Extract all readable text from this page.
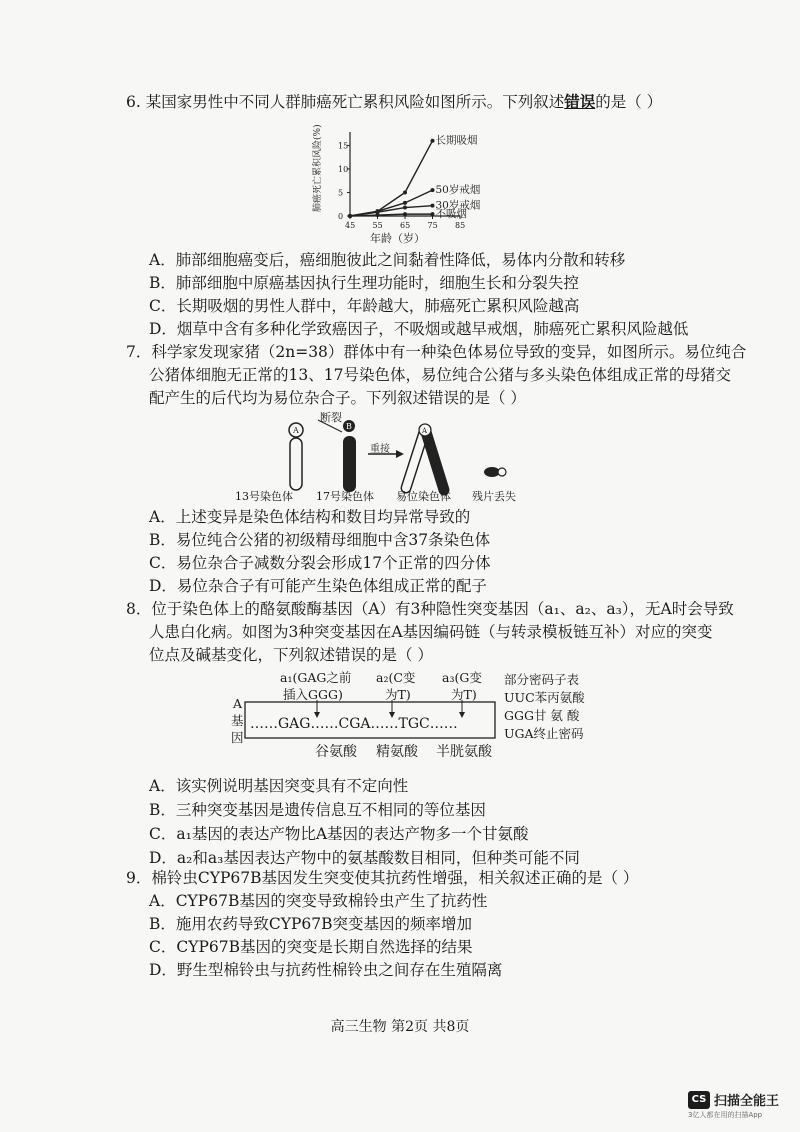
6. 某国家男性中不同人群肺癌死亡累积风险如图所示。下列叙述错误的是（ ）
45 55 65 75 85
0
5
10
15
肺癌死亡累积风险(%)
年龄（岁）
长期吸烟
50岁戒烟
30岁戒烟
不吸烟
A．肺部细胞癌变后，癌细胞彼此之间黏着性降低，易体内分散和转移
B．肺部细胞中原癌基因执行生理功能时，细胞生长和分裂失控
C．长期吸烟的男性人群中，年龄越大，肺癌死亡累积风险越高
D．烟草中含有多种化学致癌因子，不吸烟或越早戒烟，肺癌死亡累积风险越低
7．科学家发现家猪（2n=38）群体中有一种染色体易位导致的变异，如图所示。易位纯合
公猪体细胞无正常的13、17号染色体，易位纯合公猪与多头染色体组成正常的母猪交
配产生的后代均为易位杂合子。下列叙述错误的是（ ）
A	B	A
断裂
重接
13号染色体 17号染色体 易位染色体 残片丢失
A．上述变异是染色体结构和数目均异常导致的
B．易位纯合公猪的初级精母细胞中含37条染色体
C．易位杂合子减数分裂会形成17个正常的四分体
D．易位杂合子有可能产生染色体组成正常的配子
8．位于染色体上的酪氨酸酶基因（A）有3种隐性突变基因（a₁、a₂、a₃），无A时会导致
人患白化病。如图为3种突变基因在A基因编码链（与转录模板链互补）对应的突变
位点及碱基变化，下列叙述错误的是（ ）
a₁(GAG之前
插入GGG)
a₂(C变
为T)
a₃(G变
为T)
部分密码子表
UUC苯丙氨酸
GGG甘 氨 酸
UGA终止密码
A
基
因
……GAG……CGA……TGC……
谷氨酸 精氨酸 半胱氨酸
A．该实例说明基因突变具有不定向性
B．三种突变基因是遗传信息互不相同的等位基因
C．a₁基因的表达产物比A基因的表达产物多一个甘氨酸
D．a₂和a₃基因表达产物中的氨基酸数目相同，但种类可能不同
9．棉铃虫CYP67B基因发生突变使其抗药性增强，相关叙述正确的是（ ）
A．CYP67B基因的突变导致棉铃虫产生了抗药性
B．施用农药导致CYP67B突变基因的频率增加
C．CYP67B基因的突变是长期自然选择的结果
D．野生型棉铃虫与抗药性棉铃虫之间存在生殖隔离
高三生物 第2页 共8页
CS 扫描全能王
3亿人都在用的扫描App
